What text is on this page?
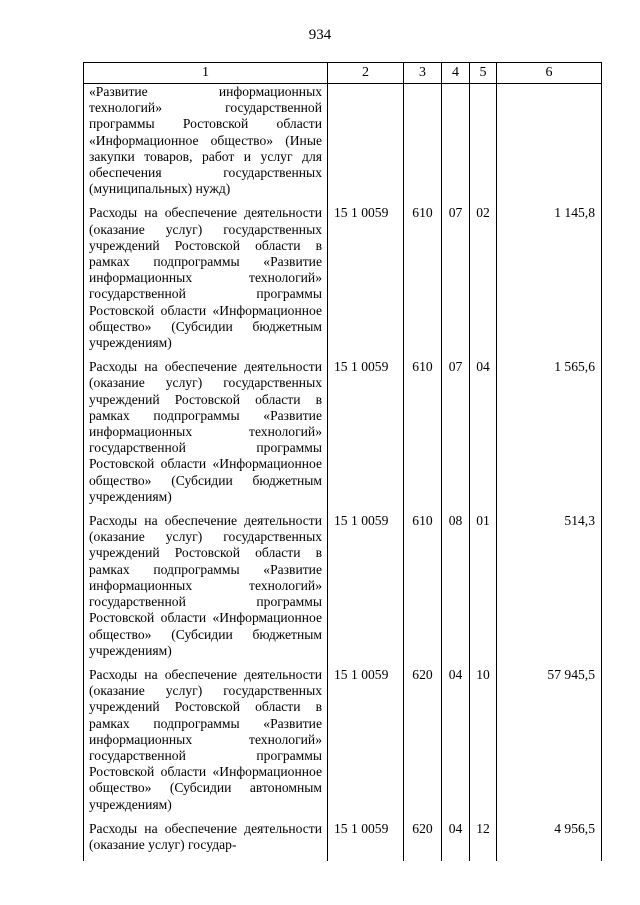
934
1	2	3	4	5	6
«Развитие информационных технологий» государственной программы Ростовской области «Информационное общество» (Иные закупки товаров, работ и услуг для обеспечения государственных (муниципальных) нужд)					
Расходы на обеспечение деятельности (оказание услуг) государственных учреждений Ростовской области в рамках подпрограммы «Развитие информационных технологий» государственной программы Ростовской области «Информационное общество» (Субсидии бюджетным учреждениям)	15 1 0059	610	07	02	1 145,8
Расходы на обеспечение деятельности (оказание услуг) государственных учреждений Ростовской области в рамках подпрограммы «Развитие информационных технологий» государственной программы Ростовской области «Информационное общество» (Субсидии бюджетным учреждениям)	15 1 0059	610	07	04	1 565,6
Расходы на обеспечение деятельности (оказание услуг) государственных учреждений Ростовской области в рамках подпрограммы «Развитие информационных технологий» государственной программы Ростовской области «Информационное общество» (Субсидии бюджетным учреждениям)	15 1 0059	610	08	01	514,3
Расходы на обеспечение деятельности (оказание услуг) государственных учреждений Ростовской области в рамках подпрограммы «Развитие информационных технологий» государственной программы Ростовской области «Информационное общество» (Субсидии автономным учреждениям)	15 1 0059	620	04	10	57 945,5
Расходы на обеспечение деятельности (оказание услуг) государ-	15 1 0059	620	04	12	4 956,5
